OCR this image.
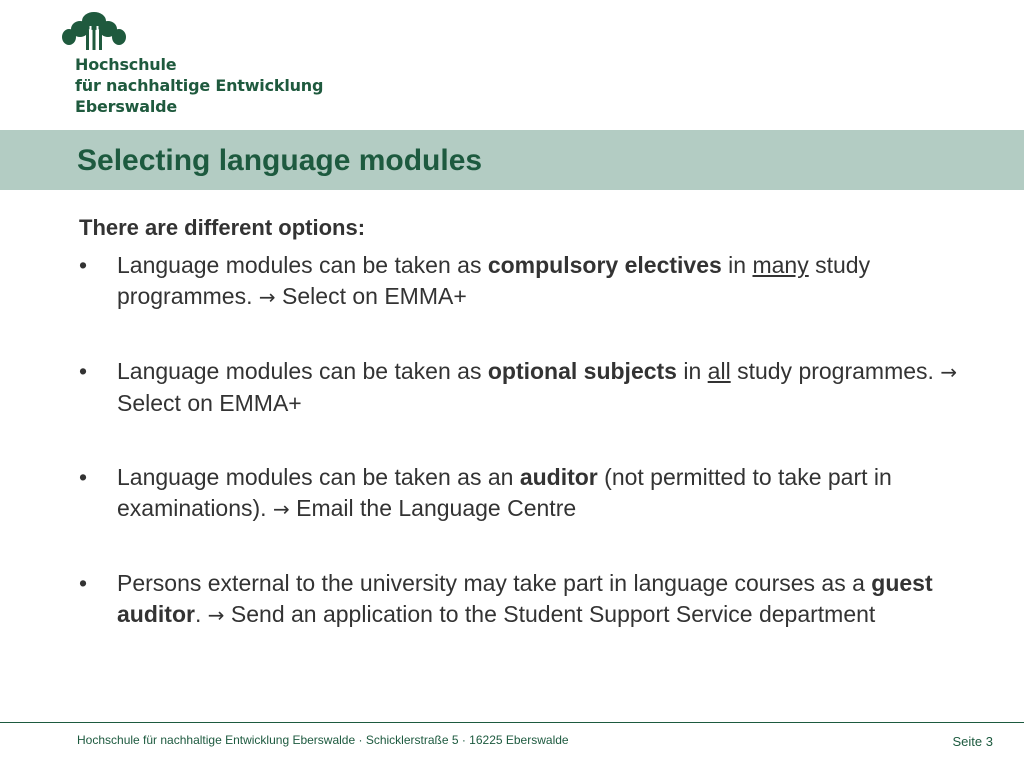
Hochschule
für nachhaltige Entwicklung
Eberswalde
Selecting language modules

There are different options:

•	Language modules can be taken as compulsory electives in many study programmes. → Select on EMMA+
•	Language modules can be taken as optional subjects in all study programmes. → Select on EMMA+
•	Language modules can be taken as an auditor (not permitted to take part in examinations). → Email the Language Centre
•	Persons external to the university may take part in language courses as a guest auditor. → Send an application to the Student Support Service department
Hochschule für nachhaltige Entwicklung Eberswalde · Schicklerstraße 5 · 16225 Eberswalde	Seite 3
